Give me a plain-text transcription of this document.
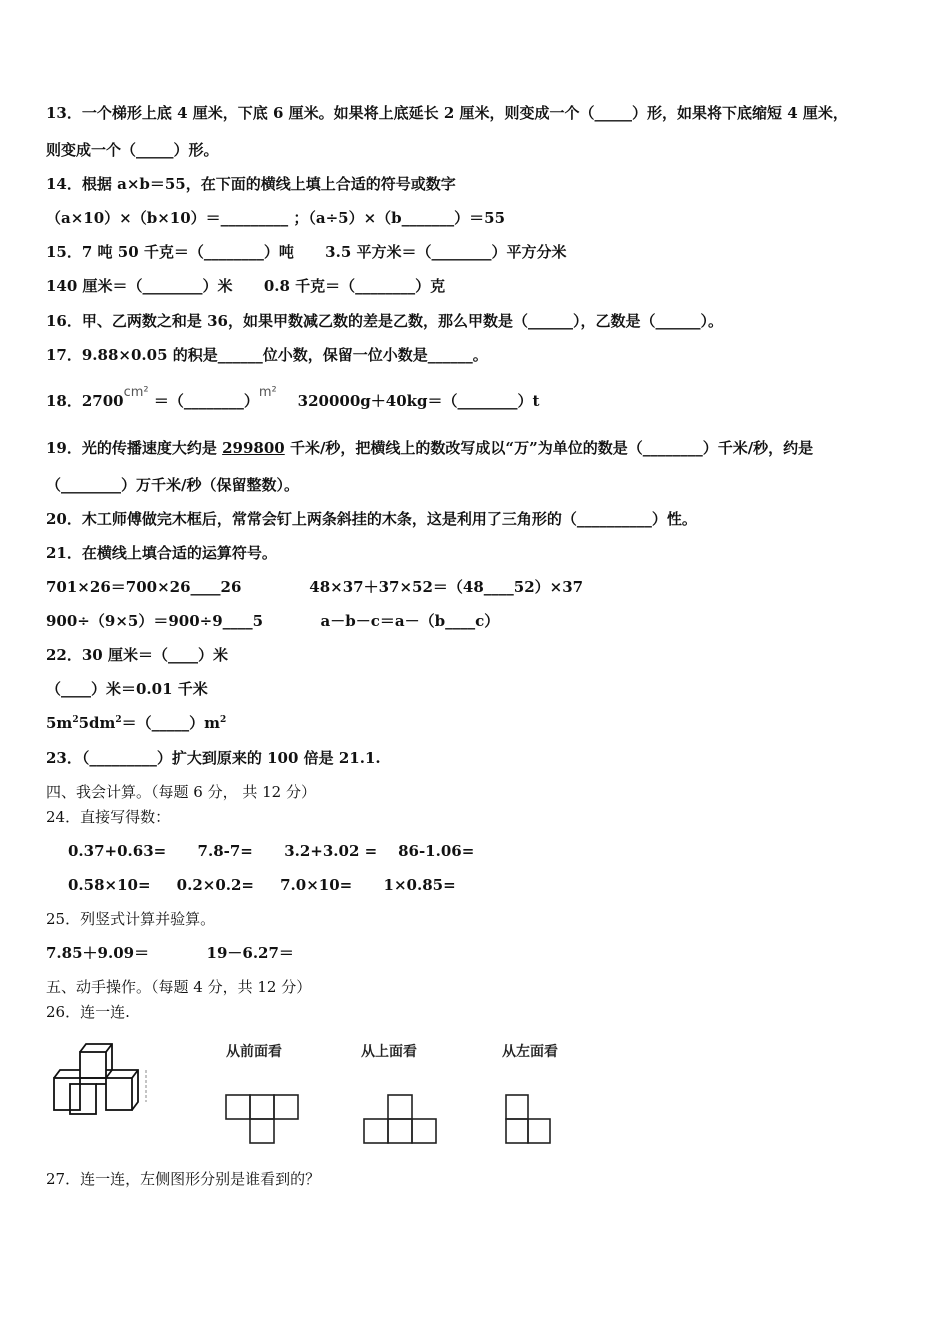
13．一个梯形上底 4 厘米，下底 6 厘米。如果将上底延长 2 厘米，则变成一个（_____）形，如果将下底缩短 4 厘米，
则变成一个（_____）形。
14．根据 a×b＝55，在下面的横线上填上合适的符号或数字
（a×10）×（b×10）＝_________ ；（a÷5）×（b_______）＝55
15．7 吨 50 千克＝（________）吨      3.5 平方米＝（________）平方分米
140 厘米＝（________）米      0.8 千克＝（________）克
16．甲、乙两数之和是 36，如果甲数减乙数的差是乙数，那么甲数是（______），乙数是（______）。
17．9.88×0.05 的积是______位小数，保留一位小数是______。
18．2700cm² ＝（________）m²    320000g＋40kg＝（________）t
19．光的传播速度大约是 299800 千米/秒，把横线上的数改写成以“万”为单位的数是（________）千米/秒，约是
（________）万千米/秒（保留整数）。
20．木工师傅做完木框后，常常会钉上两条斜挂的木条，这是利用了三角形的（__________）性。
21．在横线上填合适的运算符号。
701×26＝700×26____26             48×37＋37×52＝（48____52）×37
900÷（9×5）＝900÷9____5           a－b－c＝a－（b____c）
22．30 厘米＝（____）米
（____）米＝0.01 千米
$5m^25dm^2=(\_\_\_\_\_)m^2$
23．（_________）扩大到原来的 100 倍是 21.1.
四、我会计算。（每题 6 分， 共 12 分）
24．直接写得数：
0.37+0.63=      7.8-7=      3.2+3.02 =    86-1.06=
0.58×10=     0.2×0.2=     7.0×10=      1×0.85=
25．列竖式计算并验算。
7.85＋9.09＝           19－6.27＝
五、动手操作。（每题 4 分，共 12 分）
26．连一连.
从前面看	从上面看	从左面看
27．连一连，左侧图形分别是谁看到的？
